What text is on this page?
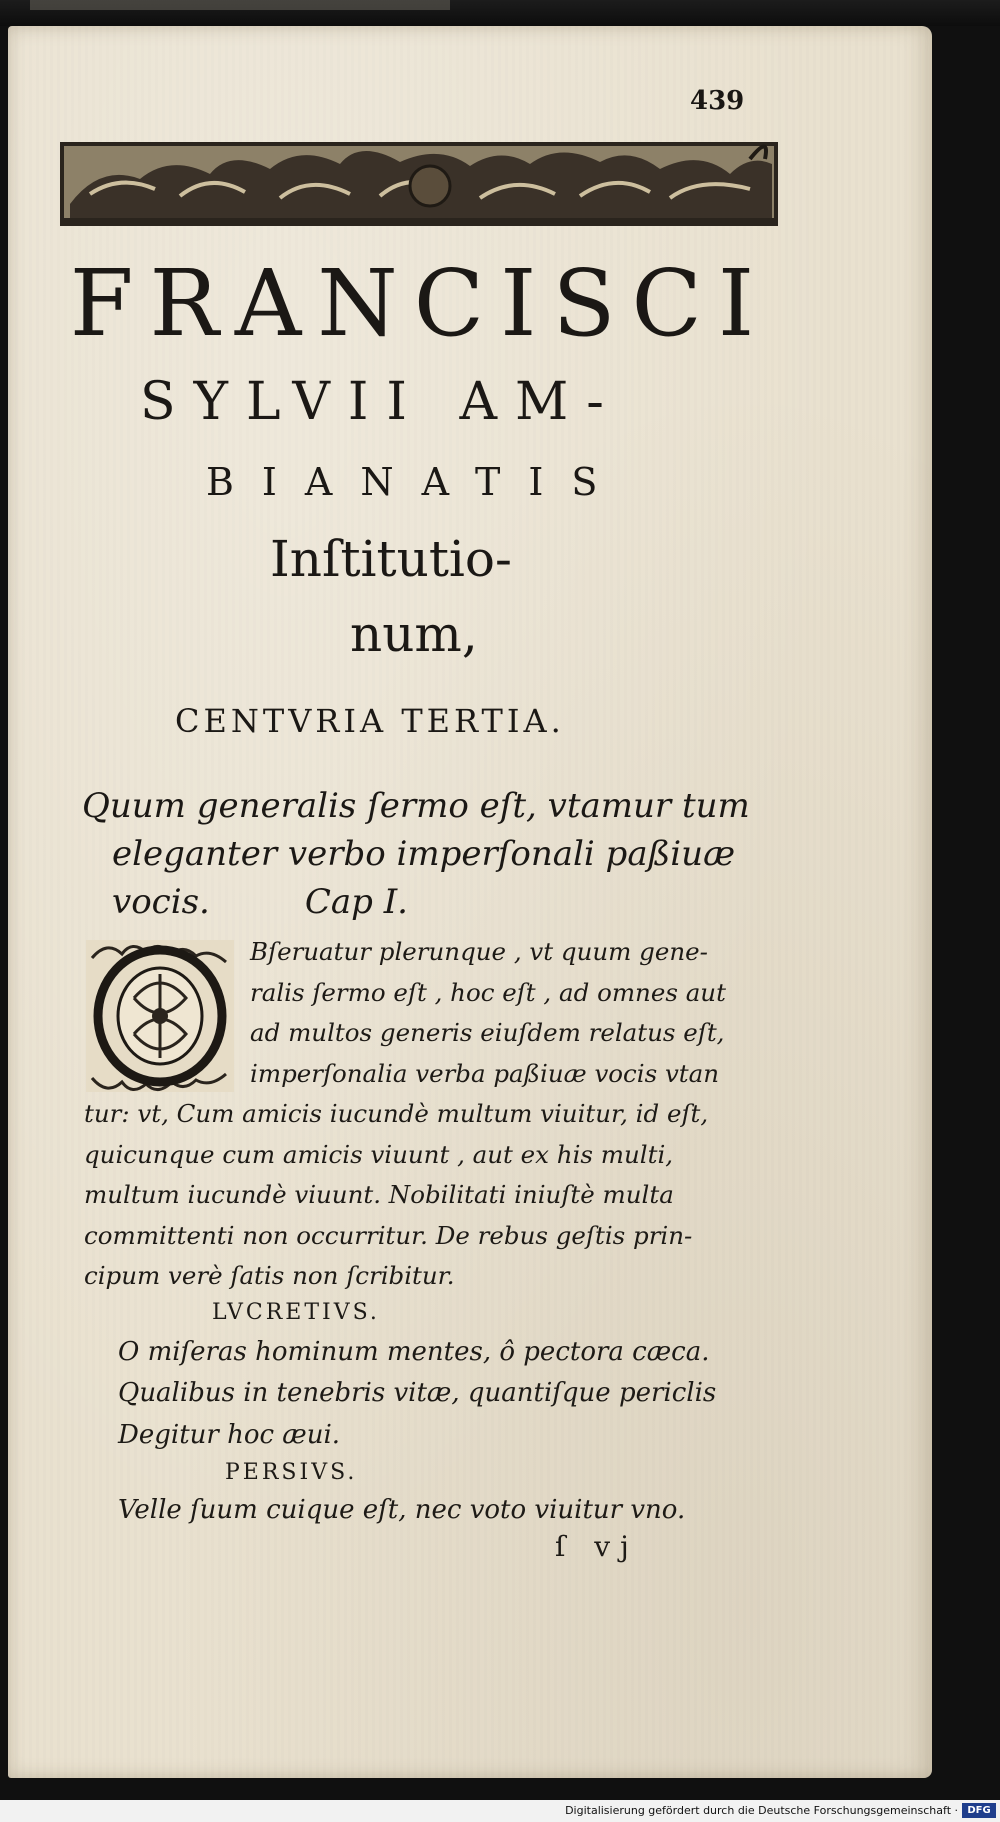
439
FRANCISCI
SYLVII AM-
BIANATIS
Inſtitutio-
num,
CENTVRIA TERTIA.
Quum generalis ſermo eſt, vtamur tum
eleganter verbo imperſonali paßiuæ
vocis.	Cap I.
Bſeruatur plerunque , vt quum gene-
ralis ſermo eſt , hoc eſt , ad omnes aut
ad multos generis eiuſdem relatus eſt,
imperſonalia verba paßiuæ vocis vtan
tur: vt, Cum amicis iucundè multum viuitur, id eſt,
quicunque cum amicis viuunt , aut ex his multi,
multum iucundè viuunt. Nobilitati iniuſtè multa
committenti non occurritur. De rebus geſtis prin-
cipum verè ſatis non ſcribitur.
LVCRETIVS.
O miſeras hominum mentes, ô pectora cæca.
Qualibus in tenebris vitæ, quantiſque periclis
Degitur hoc æui.
PERSIVS.
Velle ſuum cuique eſt, nec voto viuitur vno.
ſ vj
Digitalisierung gefördert durch die Deutsche Forschungsgemeinschaft · DFG
